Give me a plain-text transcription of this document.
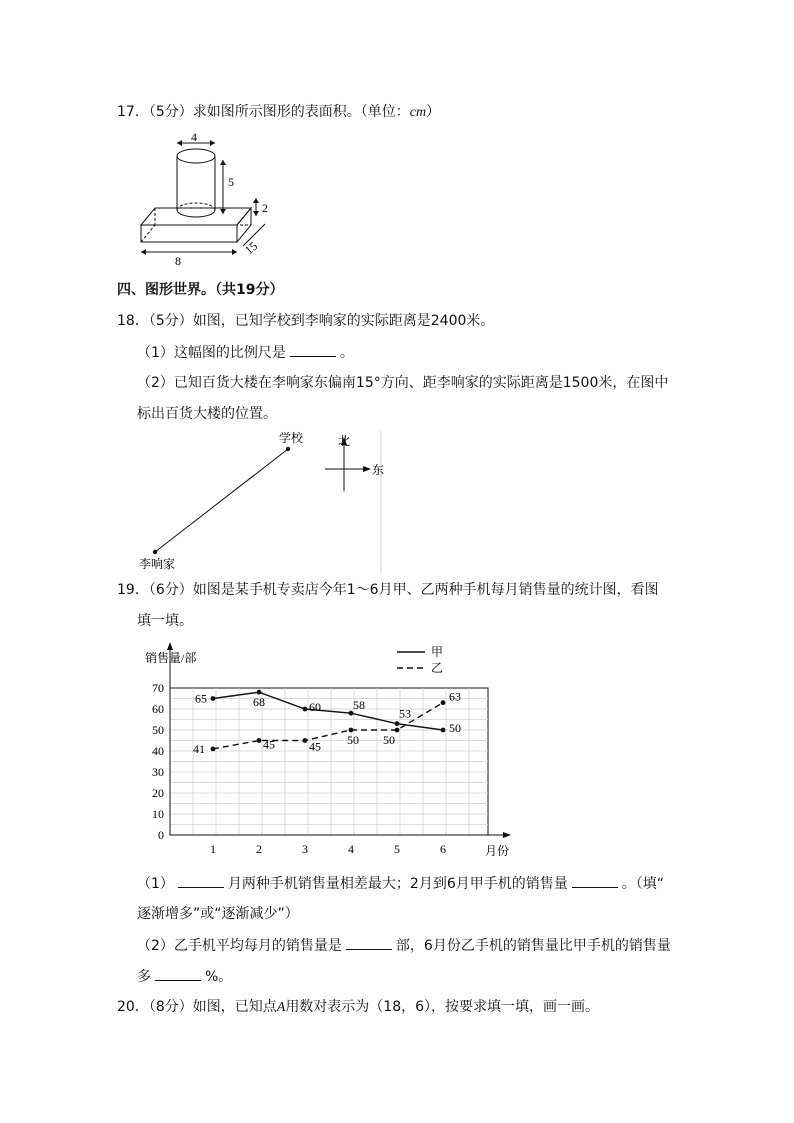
17．（5分）求如图所示图形的表面积。（单位：cm）
4
5
2
15
8
四、图形世界。（共19分）
18．（5分）如图，已知学校到李响家的实际距离是2400米。
（1）这幅图的比例尺是	。
（2）已知百货大楼在李响家东偏南15°方向、距李响家的实际距离是1500米，在图中
标出百货大楼的位置。
学校
李响家
北
东
19．（6分）如图是某手机专卖店今年1～6月甲、乙两种手机每月销售量的统计图，看图
填一填。
销售量/部
月份
0
10
20
30
40
50
60
70
1	2	3	4	5	6
甲
乙
65	68	60	58
53
50
41	45	45 50 50
63
（1）	月两种手机销售量相差最大；2月到6月甲手机的销售量	。（填“
逐渐增多”或“逐渐减少”）
（2）乙手机平均每月的销售量是	部，6月份乙手机的销售量比甲手机的销售量
多	%。
20．（8分）如图，已知点A用数对表示为（18，6），按要求填一填，画一画。
